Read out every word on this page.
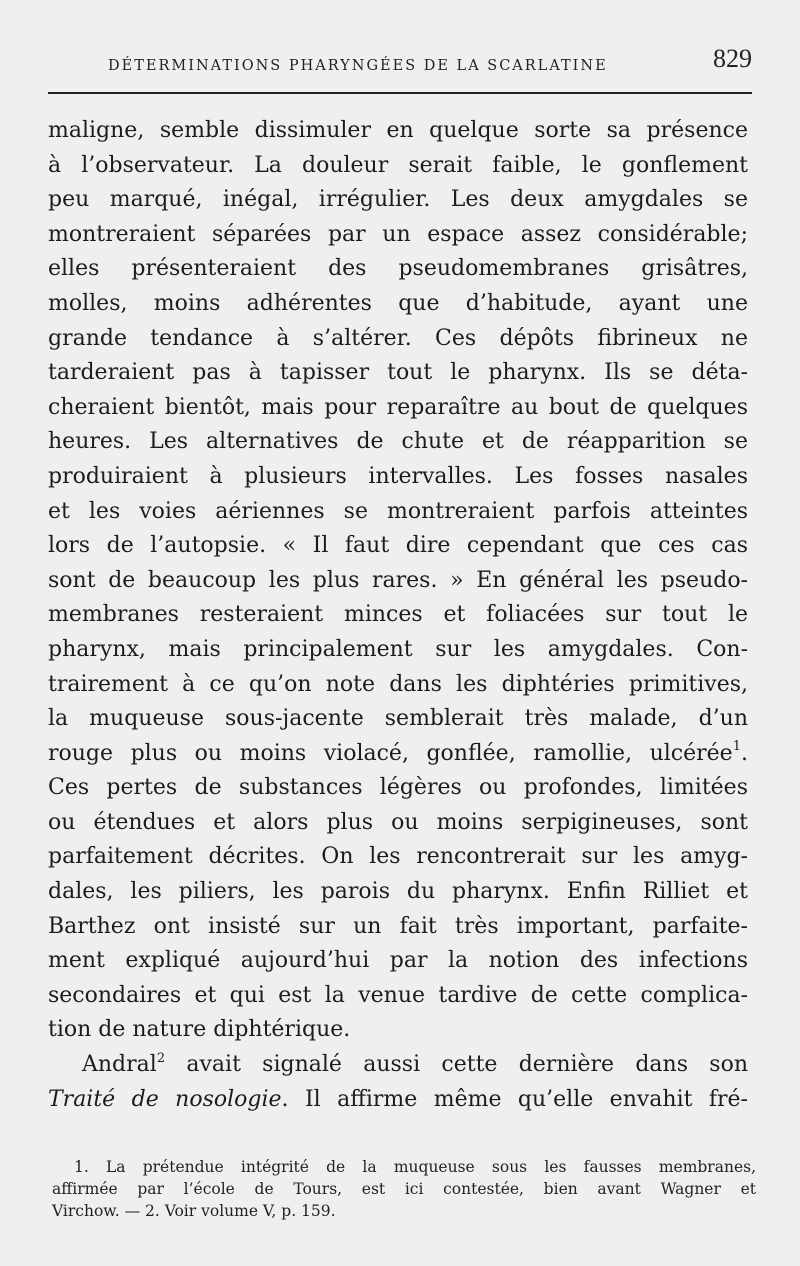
DÉTERMINATIONS PHARYNGÉES DE LA SCARLATINE	829
maligne, semble dissimuler en quelque sorte sa présence
à l’observateur. La douleur serait faible, le gonflement
peu marqué, inégal, irrégulier. Les deux amygdales se
montreraient séparées par un espace assez considérable;
elles présenteraient des pseudomembranes grisâtres,
molles, moins adhérentes que d’habitude, ayant une
grande tendance à s’altérer. Ces dépôts fibrineux ne
tarderaient pas à tapisser tout le pharynx. Ils se déta-
cheraient bientôt, mais pour reparaître au bout de quelques
heures. Les alternatives de chute et de réapparition se
produiraient à plusieurs intervalles. Les fosses nasales
et les voies aériennes se montreraient parfois atteintes
lors de l’autopsie. « Il faut dire cependant que ces cas
sont de beaucoup les plus rares. » En général les pseudo-
membranes resteraient minces et foliacées sur tout le
pharynx, mais principalement sur les amygdales. Con-
trairement à ce qu’on note dans les diphtéries primitives,
la muqueuse sous-jacente semblerait très malade, d’un
rouge plus ou moins violacé, gonflée, ramollie, ulcérée$^1$.
Ces pertes de substances légères ou profondes, limitées
ou étendues et alors plus ou moins serpigineuses, sont
parfaitement décrites. On les rencontrerait sur les amyg-
dales, les piliers, les parois du pharynx. Enfin Rilliet et
Barthez ont insisté sur un fait très important, parfaite-
ment expliqué aujourd’hui par la notion des infections
secondaires et qui est la venue tardive de cette complica-
tion de nature diphtérique.
Andral$^2$ avait signalé aussi cette dernière dans son
Traité de nosologie. Il affirme même qu’elle envahit fré-
1. La prétendue intégrité de la muqueuse sous les fausses membranes,
affirmée par l’école de Tours, est ici contestée, bien avant Wagner et
Virchow. — 2. Voir volume V, p. 159.
